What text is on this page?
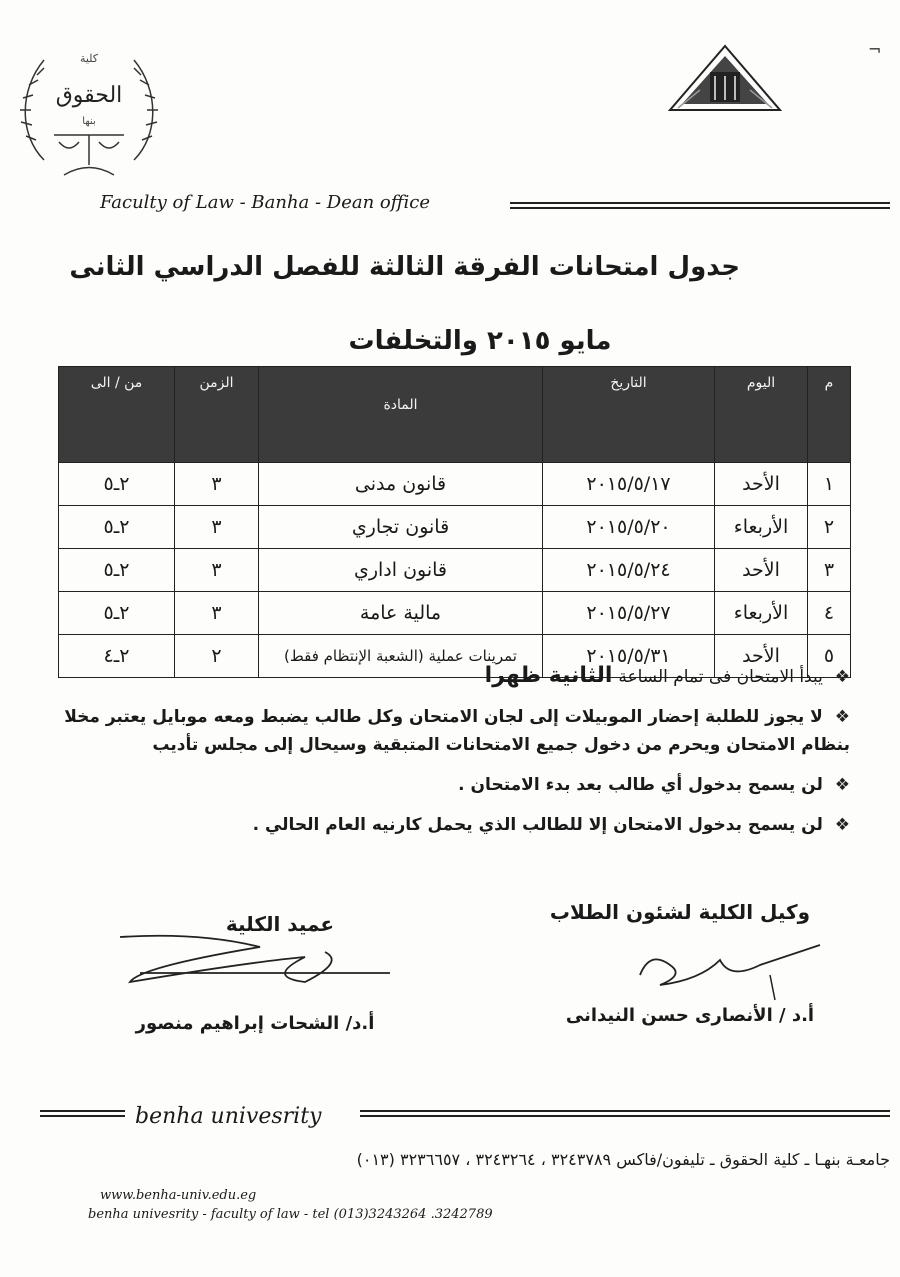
الحقوق
كلية
بنها
¬
Faculty of Law - Banha - Dean office
جدول امتحانات الفرقة الثالثة للفصل الدراسي الثانى
مايو ٢٠١٥ والتخلفات
م	اليوم	التاريخ	المادة	الزمن	من / الى
١	الأحد	٢٠١٥/٥/١٧	قانون مدنى	٣	٢ـ٥
٢	الأربعاء	٢٠١٥/٥/٢٠	قانون تجاري	٣	٢ـ٥
٣	الأحد	٢٠١٥/٥/٢٤	قانون اداري	٣	٢ـ٥
٤	الأربعاء	٢٠١٥/٥/٢٧	مالية عامة	٣	٢ـ٥
٥	الأحد	٢٠١٥/٥/٣١	تمرينات عملية (الشعبة الإنتظام فقط)	٢	٢ـ٤
❖ يبدأ الامتحان فى تمام الساعة الثانية ظهرا
❖ لا يجوز للطلبة إحضار الموبيلات إلى لجان الامتحان وكل طالب يضبط ومعه موبايل يعتبر مخلا بنظام الامتحان ويحرم من دخول جميع الامتحانات المتبقية وسيحال إلى مجلس تأديب
❖ لن يسمح بدخول أي طالب بعد بدء الامتحان .
❖ لن يسمح بدخول الامتحان إلا للطالب الذي يحمل كارنيه العام الحالي .
وكيل الكلية لشئون الطلاب
أ.د / الأنصارى حسن النيدانى
عميد الكلية
أ.د/ الشحات إبراهيم منصور
benha univesrity
جامعـة بنهـا ـ كلية الحقوق ـ تليفون/فاكس ٣٢٤٣٧٨٩ ، ٣٢٤٣٢٦٤ ، ٣٢٣٦٦٥٧ (٠١٣)
www.benha-univ.edu.eg
benha univesrity - faculty of law - tel (013)3243264 .3242789
